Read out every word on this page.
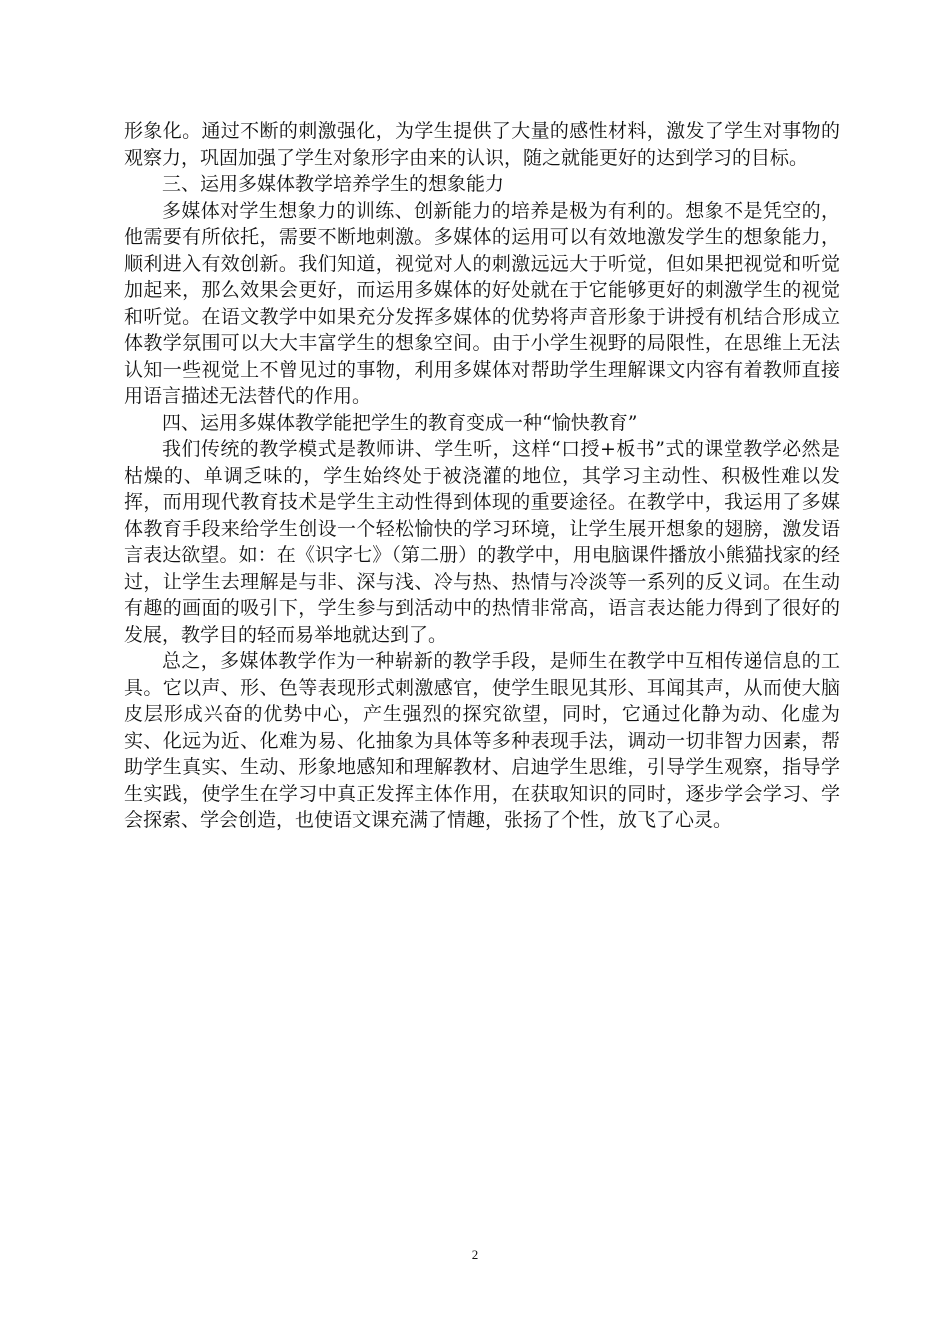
形象化。通过不断的刺激强化，为学生提供了大量的感性材料，激发了学生对事物的观察力，巩固加强了学生对象形字由来的认识，随之就能更好的达到学习的目标。

三、运用多媒体教学培养学生的想象能力

多媒体对学生想象力的训练、创新能力的培养是极为有利的。想象不是凭空的，他需要有所依托，需要不断地刺激。多媒体的运用可以有效地激发学生的想象能力，顺利进入有效创新。我们知道，视觉对人的刺激远远大于听觉，但如果把视觉和听觉加起来，那么效果会更好，而运用多媒体的好处就在于它能够更好的刺激学生的视觉和听觉。在语文教学中如果充分发挥多媒体的优势将声音形象于讲授有机结合形成立体教学氛围可以大大丰富学生的想象空间。由于小学生视野的局限性，在思维上无法认知一些视觉上不曾见过的事物，利用多媒体对帮助学生理解课文内容有着教师直接用语言描述无法替代的作用。

四、运用多媒体教学能把学生的教育变成一种“愉快教育”

我们传统的教学模式是教师讲、学生听，这样“口授+板书”式的课堂教学必然是枯燥的、单调乏味的，学生始终处于被浇灌的地位，其学习主动性、积极性难以发挥，而用现代教育技术是学生主动性得到体现的重要途径。在教学中，我运用了多媒体教育手段来给学生创设一个轻松愉快的学习环境，让学生展开想象的翅膀，激发语言表达欲望。如：在《识字七》（第二册）的教学中，用电脑课件播放小熊猫找家的经过，让学生去理解是与非、深与浅、冷与热、热情与冷淡等一系列的反义词。在生动有趣的画面的吸引下，学生参与到活动中的热情非常高，语言表达能力得到了很好的发展，教学目的轻而易举地就达到了。

总之，多媒体教学作为一种崭新的教学手段，是师生在教学中互相传递信息的工具。它以声、形、色等表现形式刺激感官，使学生眼见其形、耳闻其声，从而使大脑皮层形成兴奋的优势中心，产生强烈的探究欲望，同时，它通过化静为动、化虚为实、化远为近、化难为易、化抽象为具体等多种表现手法，调动一切非智力因素，帮助学生真实、生动、形象地感知和理解教材、启迪学生思维，引导学生观察，指导学生实践，使学生在学习中真正发挥主体作用，在获取知识的同时，逐步学会学习、学会探索、学会创造，也使语文课充满了情趣，张扬了个性，放飞了心灵。

2
